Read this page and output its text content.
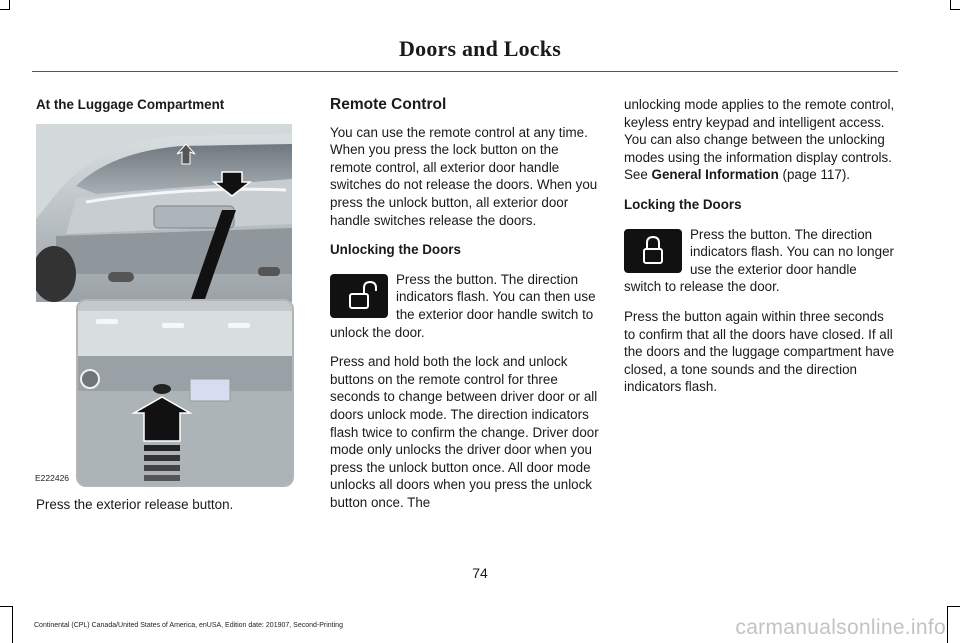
Doors and Locks

At the Luggage Compartment

E222426

Press the exterior release button.

Remote Control

You can use the remote control at any time. When you press the lock button on the remote control, all exterior door handle switches do not release the doors. When you press the unlock button, all exterior door handle switches release the doors.

Unlocking the Doors

Press the button. The direction indicators flash. You can then use the exterior door handle switch to unlock the door.

Press and hold both the lock and unlock buttons on the remote control for three seconds to change between driver door or all doors unlock mode. The direction indicators flash twice to confirm the change. Driver door mode only unlocks the driver door when you press the unlock button once. All door mode unlocks all doors when you press the unlock button once. The

unlocking mode applies to the remote control, keyless entry keypad and intelligent access. You can also change between the unlocking modes using the information display controls. See General Information (page 117).

Locking the Doors

Press the button. The direction indicators flash. You can no longer use the exterior door handle switch to release the door.

Press the button again within three seconds to confirm that all the doors have closed. If all the doors and the luggage compartment have closed, a tone sounds and the direction indicators flash.

74
Continental (CPL) Canada/United States of America, enUSA, Edition date: 201907, Second-Printing	carmanualsonline.info
